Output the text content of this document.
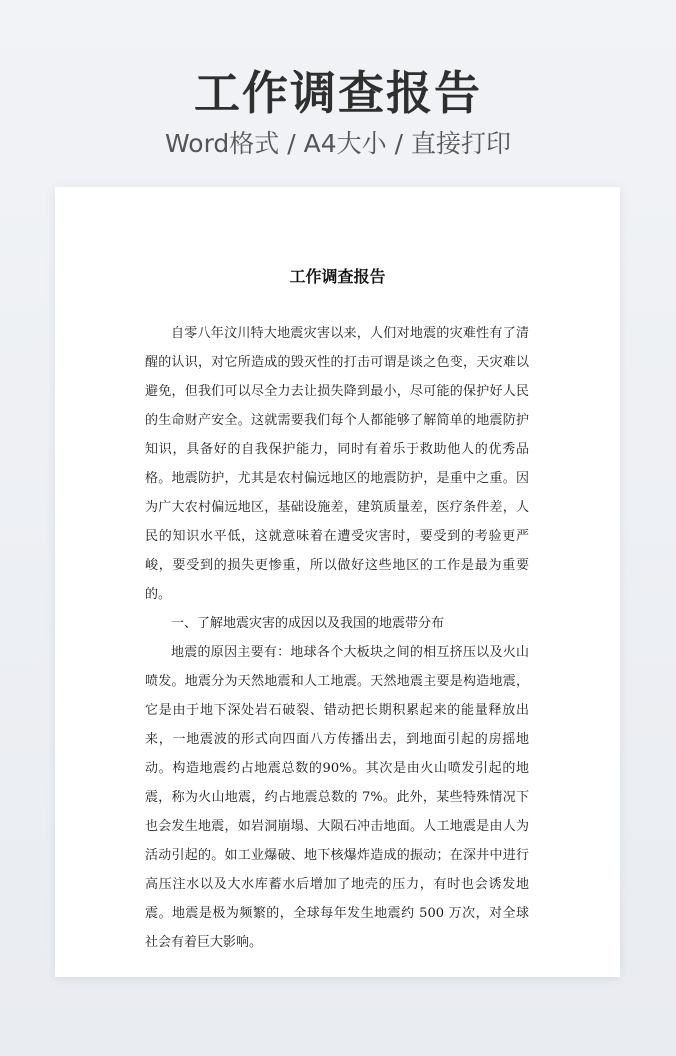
工作调查报告
Word格式 / A4大小 / 直接打印
工作调查报告

自零八年汶川特大地震灾害以来，人们对地震的灾难性有了清醒的认识，对它所造成的毁灭性的打击可谓是谈之色变，天灾难以避免，但我们可以尽全力去让损失降到最小，尽可能的保护好人民的生命财产安全。这就需要我们每个人都能够了解简单的地震防护知识，具备好的自我保护能力，同时有着乐于救助他人的优秀品格。地震防护，尤其是农村偏远地区的地震防护，是重中之重。因为广大农村偏远地区，基础设施差，建筑质量差，医疗条件差，人民的知识水平低，这就意味着在遭受灾害时，要受到的考验更严峻，要受到的损失更惨重，所以做好这些地区的工作是最为重要的。

一、了解地震灾害的成因以及我国的地震带分布

地震的原因主要有：地球各个大板块之间的相互挤压以及火山喷发。地震分为天然地震和人工地震。天然地震主要是构造地震，它是由于地下深处岩石破裂、错动把长期积累起来的能量释放出来，一地震波的形式向四面八方传播出去，到地面引起的房摇地动。构造地震约占地震总数的90%。其次是由火山喷发引起的地震，称为火山地震，约占地震总数的 7%。此外，某些特殊情况下也会发生地震，如岩洞崩塌、大陨石冲击地面。人工地震是由人为活动引起的。如工业爆破、地下核爆炸造成的振动；在深井中进行高压注水以及大水库蓄水后增加了地壳的压力，有时也会诱发地震。地震是极为频繁的，全球每年发生地震约 500 万次，对全球社会有着巨大影响。
